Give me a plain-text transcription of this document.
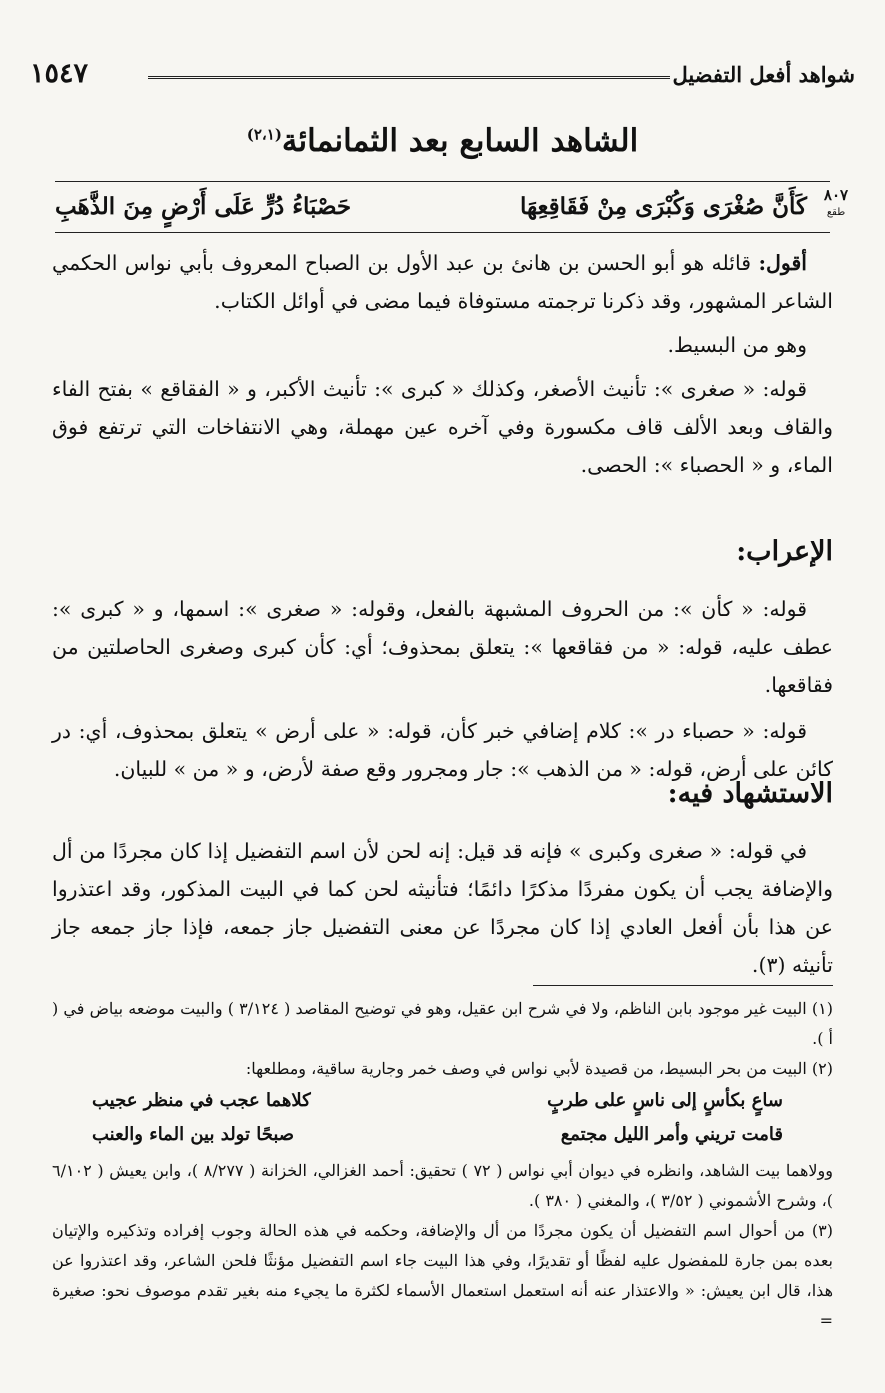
شواهد أفعل التفضيل
١٥٤٧
الشاهد السابع بعد الثمانمائة$^{(٢،١)}$
٨٠٧
طقع
كَأَنَّ صُغْرَى وَكُبْرَى مِنْ فَقَاقِعِهَا
حَصْبَاءُ دُرٍّ عَلَى أَرْضٍ مِنَ الذَّهَبِ

أقول: قائله هو أبو الحسن بن هانئ بن عبد الأول بن الصباح المعروف بأبي نواس الحكمي الشاعر المشهور، وقد ذكرنا ترجمته مستوفاة فيما مضى في أوائل الكتاب.

وهو من البسيط.

قوله: « صغرى »: تأنيث الأصغر، وكذلك « كبرى »: تأنيث الأكبر، و « الفقاقع » بفتح الفاء والقاف وبعد الألف قاف مكسورة وفي آخره عين مهملة، وهي الانتفاخات التي ترتفع فوق الماء، و « الحصباء »: الحصى.

الإعراب:

قوله: « كأن »: من الحروف المشبهة بالفعل، وقوله: « صغرى »: اسمها، و « كبرى »: عطف عليه، قوله: « من فقاقعها »: يتعلق بمحذوف؛ أي: كأن كبرى وصغرى الحاصلتين من فقاقعها.

قوله: « حصباء در »: كلام إضافي خبر كأن، قوله: « على أرض » يتعلق بمحذوف، أي: در كائن على أرض، قوله: « من الذهب »: جار ومجرور وقع صفة لأرض، و « من » للبيان.

الاستشهاد فيه:

في قوله: « صغرى وكبرى » فإنه قد قيل: إنه لحن لأن اسم التفضيل إذا كان مجردًا من أل والإضافة يجب أن يكون مفردًا مذكرًا دائمًا؛ فتأنيثه لحن كما في البيت المذكور، وقد اعتذروا عن هذا بأن أفعل العادي إذا كان مجردًا عن معنى التفضيل جاز جمعه، فإذا جاز جمعه جاز تأنيثه (٣).

(١) البيت غير موجود بابن الناظم، ولا في شرح ابن عقيل، وهو في توضيح المقاصد ( ٣/١٢٤ ) والبيت موضعه بياض في ( أ ).

(٢) البيت من بحر البسيط، من قصيدة لأبي نواس في وصف خمر وجارية ساقية، ومطلعها:

ساعٍ بكأسٍ إلى ناسٍ على طربٍ
كلاهما عجب في منظر عجيب
قامت تريني وأمر الليل مجتمع
صبحًا تولد بين الماء والعنب

وولاهما بيت الشاهد، وانظره في ديوان أبي نواس ( ٧٢ ) تحقيق: أحمد الغزالي، الخزانة ( ٨/٢٧٧ )، وابن يعيش ( ٦/١٠٢ )، وشرح الأشموني ( ٣/٥٢ )، والمغني ( ٣٨٠ ).

(٣) من أحوال اسم التفضيل أن يكون مجردًا من أل والإضافة، وحكمه في هذه الحالة وجوب إفراده وتذكيره والإتيان بعده بمن جارة للمفضول عليه لفظًا أو تقديرًا، وفي هذا البيت جاء اسم التفضيل مؤنثًا فلحن الشاعر، وقد اعتذروا عن هذا، قال ابن يعيش: « والاعتذار عنه أنه استعمل استعمال الأسماء لكثرة ما يجيء منه بغير تقدم موصوف نحو: صغيرة =
